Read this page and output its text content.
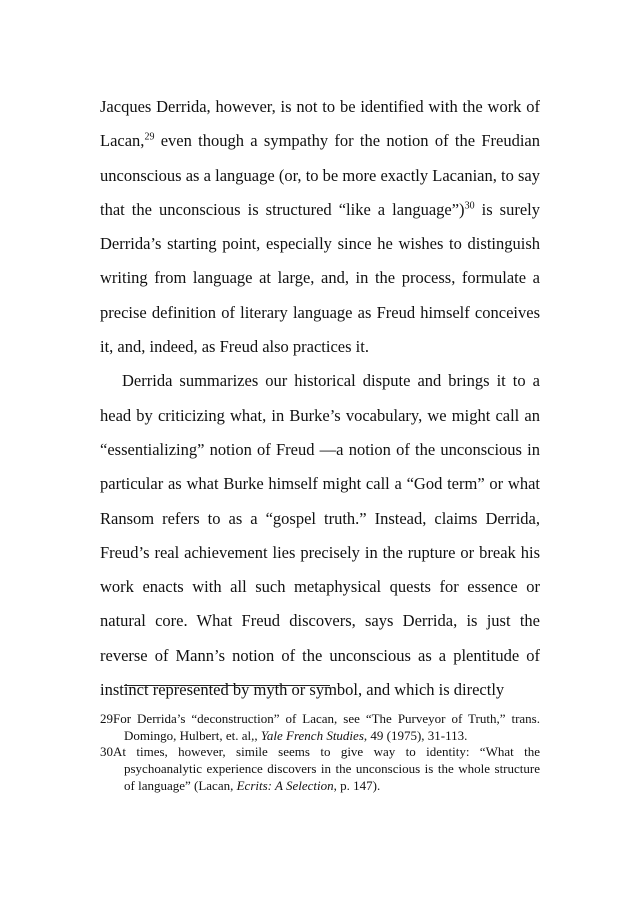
Jacques Derrida, however, is not to be identified with the work of Lacan,$^{29}$ even though a sympathy for the notion of the Freudian unconscious as a language (or, to be more exactly Lacanian, to say that the unconscious is structured “like a language”)$^{30}$ is surely Derrida’s starting point, especially since he wishes to distinguish writing from language at large, and, in the process, formulate a precise definition of literary language as Freud himself conceives it, and, indeed, as Freud also practices it.

Derrida summarizes our historical dispute and brings it to a head by criticizing what, in Burke’s vocabulary, we might call an “essentializing” notion of Freud —a notion of the unconscious in particular as what Burke himself might call a “God term” or what Ransom refers to as a “gospel truth.” Instead, claims Derrida, Freud’s real achievement lies precisely in the rupture or break his work enacts with all such metaphysical quests for essence or natural core. What Freud discovers, says Derrida, is just the reverse of Mann’s notion of the unconscious as a plentitude of instinct represented by myth or symbol, and which is directly

29For Derrida’s “deconstruction” of Lacan, see “The Purveyor of Truth,” trans. Domingo, Hulbert, et. al,, Yale French Studies, 49 (1975), 31-113.

30At times, however, simile seems to give way to identity: “What the psychoanalytic experience discovers in the unconscious is the whole structure of language” (Lacan, Ecrits: A Selection, p. 147).
